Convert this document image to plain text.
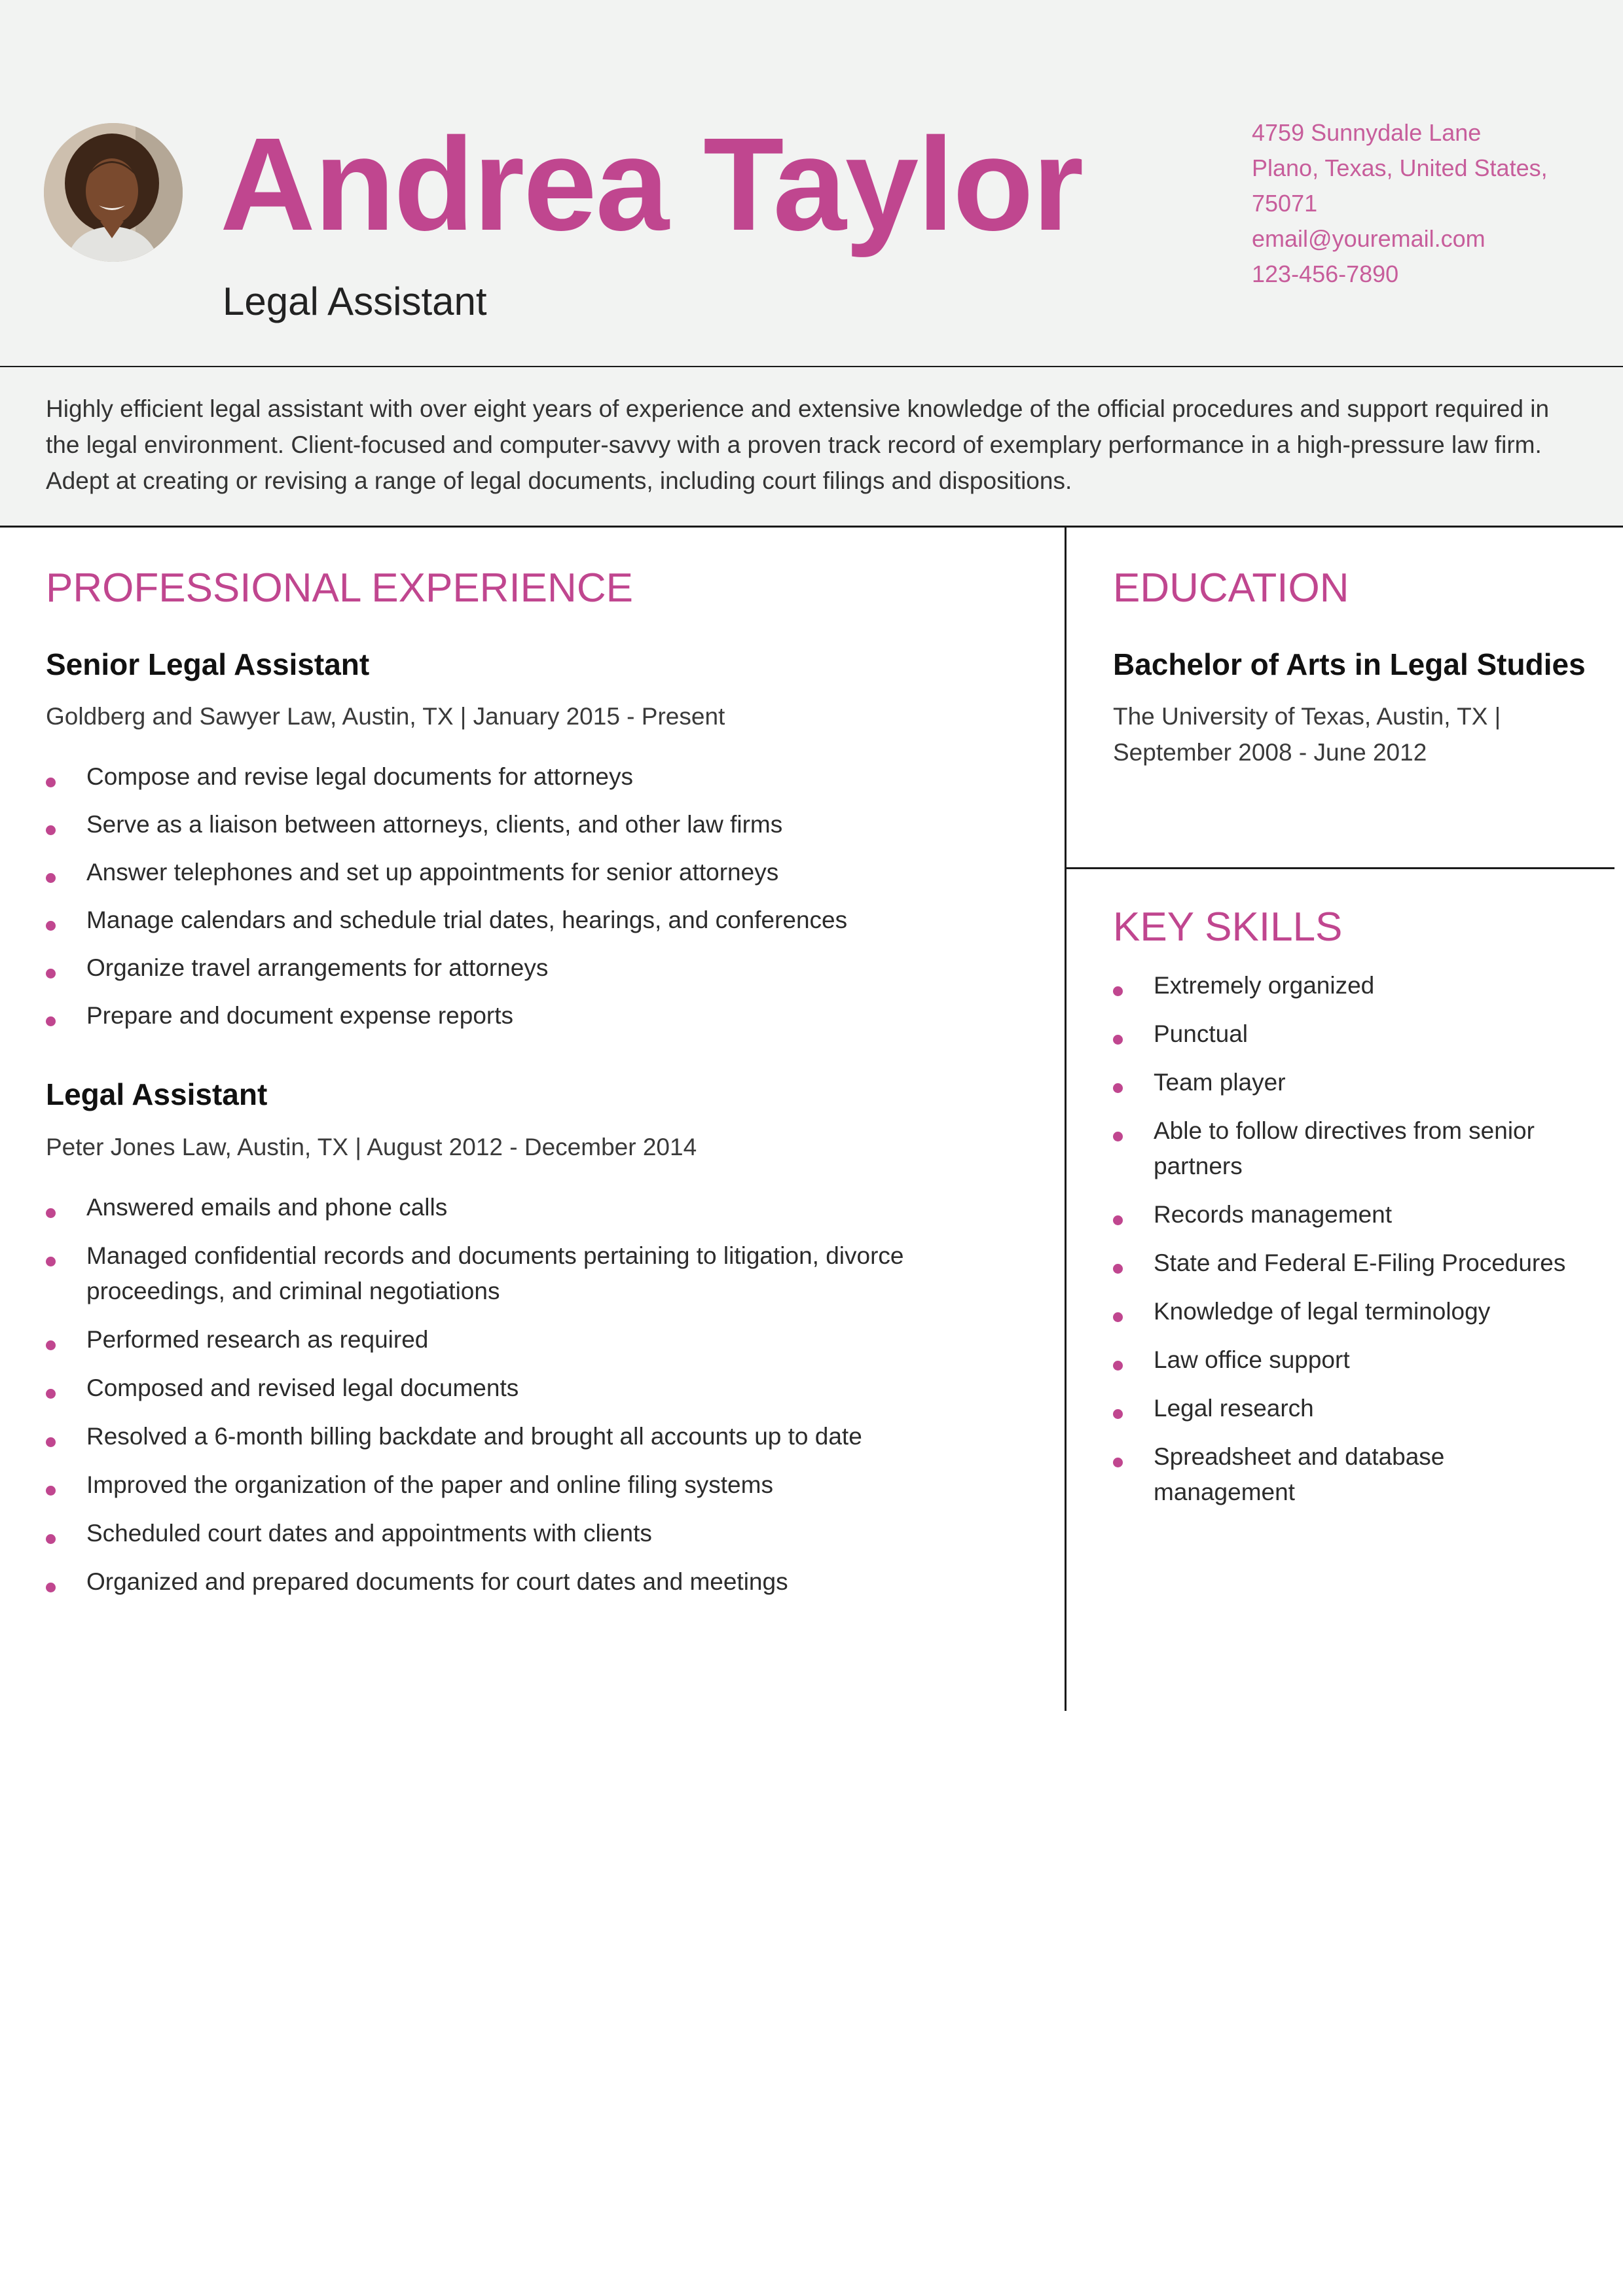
Andrea Taylor
Legal Assistant
4759 Sunnydale Lane
Plano, Texas, United States,
75071
email@youremail.com
123-456-7890

Highly efficient legal assistant with over eight years of experience and extensive knowledge of the official procedures and support required in the legal environment. Client-focused and computer-savvy with a proven track record of exemplary performance in a high-pressure law firm. Adept at creating or revising a range of legal documents, including court filings and dispositions.

PROFESSIONAL EXPERIENCE
Senior Legal Assistant
Goldberg and Sawyer Law, Austin, TX | January 2015 - Present
Compose and revise legal documents for attorneys
Serve as a liaison between attorneys, clients, and other law firms
Answer telephones and set up appointments for senior attorneys
Manage calendars and schedule trial dates, hearings, and conferences
Organize travel arrangements for attorneys
Prepare and document expense reports
Legal Assistant
Peter Jones Law, Austin, TX | August 2012 - December 2014
Answered emails and phone calls
Managed confidential records and documents pertaining to litigation, divorce proceedings, and criminal negotiations
Performed research as required
Composed and revised legal documents
Resolved a 6-month billing backdate and brought all accounts up to date
Improved the organization of the paper and online filing systems
Scheduled court dates and appointments with clients
Organized and prepared documents for court dates and meetings
EDUCATION
Bachelor of Arts in Legal Studies
The University of Texas, Austin, TX |
September 2008 - June 2012
KEY SKILLS
Extremely organized
Punctual
Team player
Able to follow directives from senior partners
Records management
State and Federal E-Filing Procedures
Knowledge of legal terminology
Law office support
Legal research
Spreadsheet and database management
